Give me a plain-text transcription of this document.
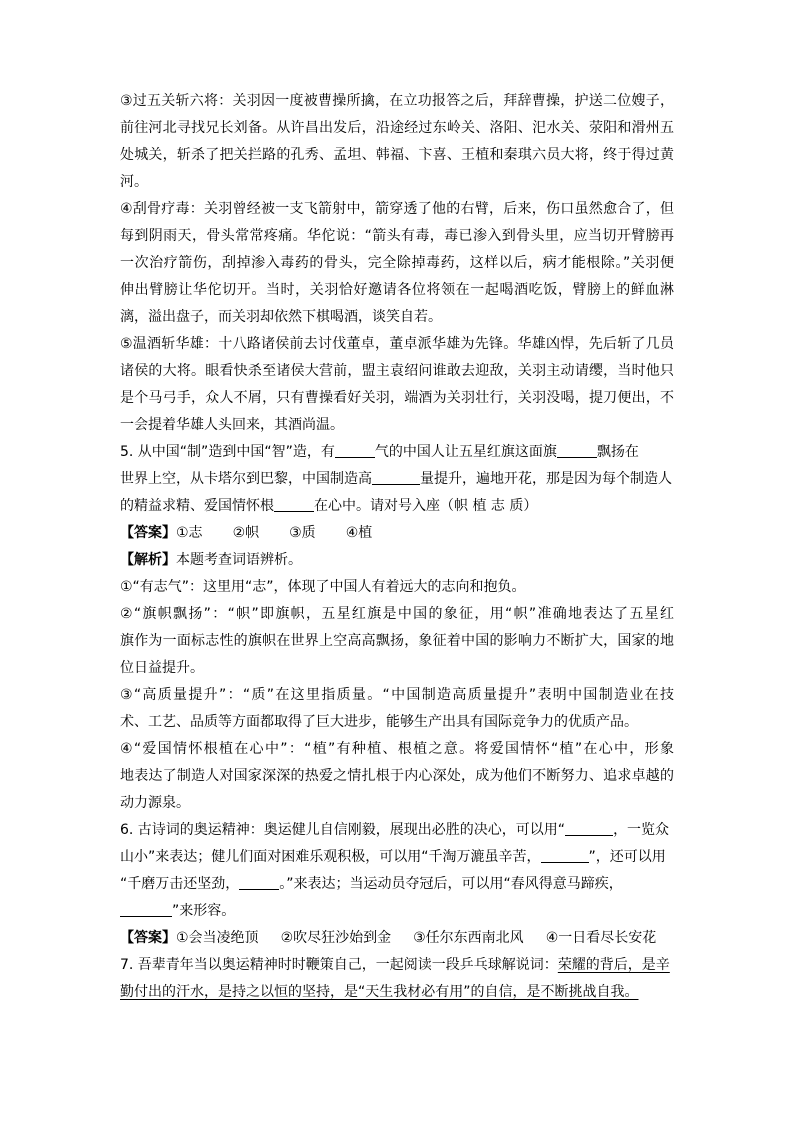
③过五关斩六将：关羽因一度被曹操所擒，在立功报答之后，拜辞曹操，护送二位嫂子，
前往河北寻找兄长刘备。从许昌出发后，沿途经过东岭关、洛阳、汜水关、荥阳和滑州五
处城关，斩杀了把关拦路的孔秀、孟坦、韩福、卞喜、王植和秦琪六员大将，终于得过黄
河。
④刮骨疗毒：关羽曾经被一支飞箭射中，箭穿透了他的右臂，后来，伤口虽然愈合了，但
每到阴雨天，骨头常常疼痛。华佗说：“箭头有毒，毒已渗入到骨头里，应当切开臂膀再
一次治疗箭伤，刮掉渗入毒药的骨头，完全除掉毒药，这样以后，病才能根除。”关羽便
伸出臂膀让华佗切开。当时，关羽恰好邀请各位将领在一起喝酒吃饭，臂膀上的鲜血淋
漓，溢出盘子，而关羽却依然下棋喝酒，谈笑自若。
⑤温酒斩华雄：十八路诸侯前去讨伐董卓，董卓派华雄为先锋。华雄凶悍，先后斩了几员
诸侯的大将。眼看快杀至诸侯大营前，盟主袁绍问谁敢去迎敌，关羽主动请缨，当时他只
是个马弓手，众人不屑，只有曹操看好关羽，端酒为关羽壮行，关羽没喝，提刀便出，不
一会提着华雄人头回来，其酒尚温。
5. 从中国“制”造到中国“智”造，有	气的中国人让五星红旗这面旗	飘扬在
世界上空，从卡塔尔到巴黎，中国制造高	量提升，遍地开花，那是因为每个制造人
的精益求精、爱国情怀根	在心中。请对号入座（帜 植 志 质）
【答案】①志 ②帜 ③质 ④植
【解析】本题考查词语辨析。
①“有志气”：这里用“志”，体现了中国人有着远大的志向和抱负。
②“旗帜飘扬”：“帜”即旗帜，五星红旗是中国的象征，用“帜”准确地表达了五星红
旗作为一面标志性的旗帜在世界上空高高飘扬，象征着中国的影响力不断扩大，国家的地
位日益提升。
③“高质量提升”：“质”在这里指质量。“中国制造高质量提升”表明中国制造业在技
术、工艺、品质等方面都取得了巨大进步，能够生产出具有国际竞争力的优质产品。
④“爱国情怀根植在心中”：“植”有种植、根植之意。将爱国情怀“植”在心中，形象
地表达了制造人对国家深深的热爱之情扎根于内心深处，成为他们不断努力、追求卓越的
动力源泉。
6. 古诗词的奥运精神：奥运健儿自信刚毅，展现出必胜的决心，可以用“	，一览众
山小”来表达；健儿们面对困难乐观积极，可以用“千淘万漉虽辛苦，	”，还可以用
“千磨万击还坚劲，	。”来表达；当运动员夺冠后，可以用“春风得意马蹄疾，
”来形容。
【答案】①会当凌绝顶 ②吹尽狂沙始到金 ③任尔东西南北风 ④一日看尽长安花
7. 吾辈青年当以奥运精神时时鞭策自己，一起阅读一段乒乓球解说词：荣耀的背后，是辛
勤付出的汗水，是持之以恒的坚持，是“天生我材必有用”的自信，是不断挑战自我。
